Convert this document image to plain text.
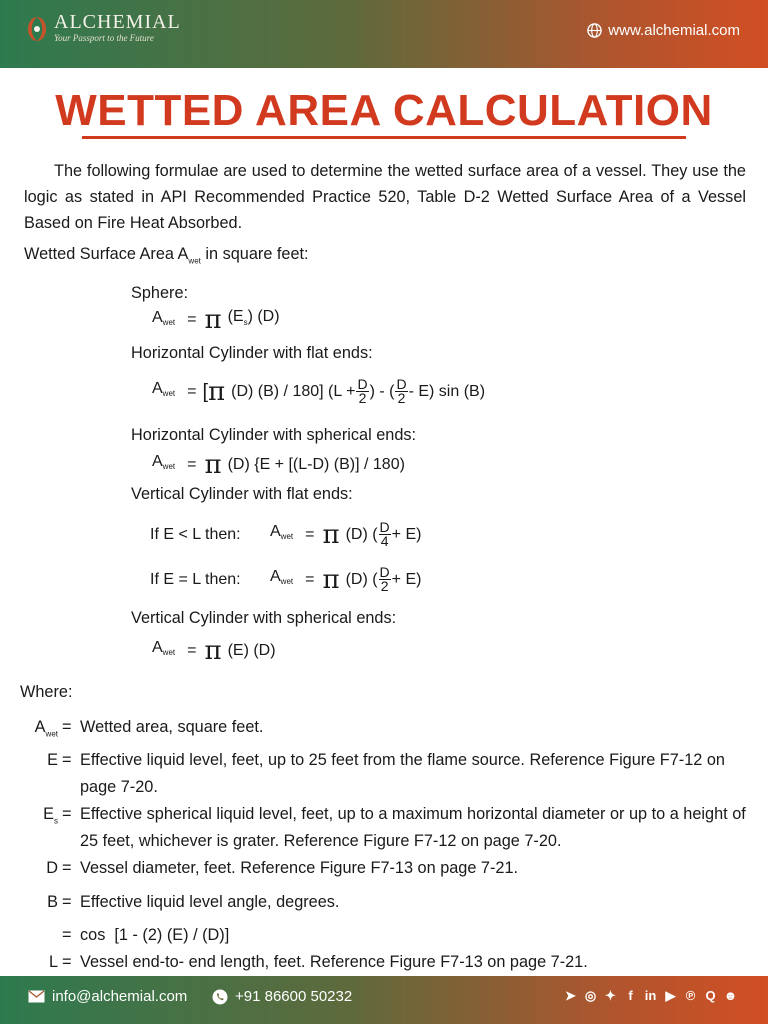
ALCHEMIAL
Your Passport to the Future	www.alchemial.com
WETTED AREA CALCULATION
The following formulae are used to determine the wetted surface area of a vessel. They use the logic as stated in API Recommended Practice 520, Table D-2 Wetted Surface Area of a Vessel Based on Fire Heat Absorbed.
Wetted Surface Area $A_{wet}$ in square feet:
Sphere:
$A_{wet} = \pi$ $(E_s)$ (D)
Horizontal Cylinder with flat ends:
$A_{wet}$ = [ π (D) (B) / 180] ($L + \frac{D}{2}$ ) - ( D
2 - E) sin (B)
Horizontal Cylinder with spherical ends:
$A_{wet} = \pi$ (D) {E + [(L-D) (B)] / 180)
Vertical Cylinder with flat ends:
If E < L then:	$A_{wet} = \pi$ (D) ( D
4 + E)
If E = L then:	$A_{wet} = \pi$ (D) ( D
2 + E)
Vertical Cylinder with spherical ends:
$A_{wet} = \pi$ (E) (D)
Where:
$A_{wet}$ = Wetted area, square feet.
E = Effective liquid level, feet, up to 25 feet from the flame source. Reference Figure F7-12 on page 7-20.
$E_s$ = Effective spherical liquid level, feet, up to a maximum horizontal diameter or up to a height of 25 feet, whichever is grater. Reference Figure F7-12 on page 7-20.
D = Vessel diameter, feet. Reference Figure F7-13 on page 7-21.
B = Effective liquid level angle, degrees.
= cos  [1 - (2) (E) / (D)]
L = Vessel end-to- end length, feet. Reference Figure F7-13 on page 7-21.
info@alchemial.com	+91 86600 50232	➤ ◎ ✦ f in ▶ ℗ Q ☻
